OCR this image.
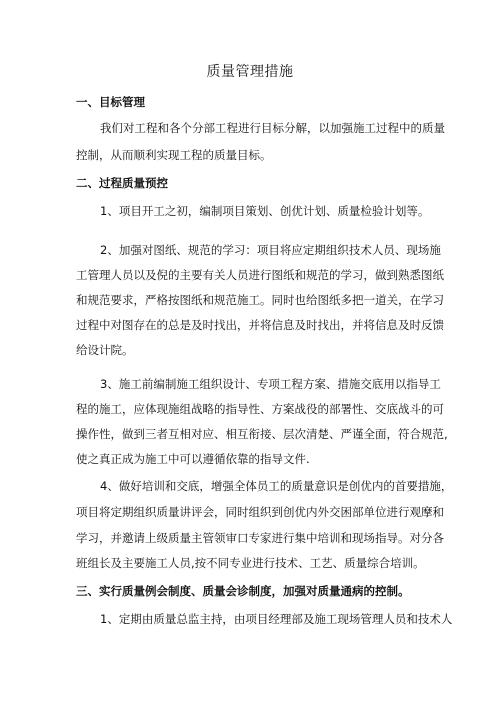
质量管理措施
一、目标管理
我们对工程和各个分部工程进行目标分解，以加强施工过程中的质量
控制，从而顺利实现工程的质量目标。
二、过程质量预控
1、项目开工之初，编制项目策划、创优计划、质量检验计划等。
2、加强对图纸、规范的学习：项目将应定期组织技术人员、现场施
工管理人员以及倪的主要有关人员进行图纸和规范的学习，做到熟悉图纸
和规范要求，严格按图纸和规范施工。同时也给图纸多把一道关，在学习
过程中对图存在的总是及时找出，并将信息及时找出，并将信息及时反馈
给设计院。
3、施工前编制施工组织设计、专项工程方案、措施交底用以指导工
程的施工，应体现施组战略的指导性、方案战役的部署性、交底战斗的可
操作性，做到三者互相对应、相互衔接、层次清楚、严谨全面，符合规范,
使之真正成为施工中可以遵循依靠的指导文件.
4、做好培训和交底，增强全体员工的质量意识是创优内的首要措施，
项目将定期组织质量讲评会，同时组织到创优内外交困部单位进行观摩和
学习，并邀请上级质量主管领审口专家进行集中培训和现场指导。对分各
班组长及主要施工人员,按不同专业进行技术、工艺、质量综合培训。
三、实行质量例会制度、质量会诊制度，加强对质量通病的控制。
1、定期由质量总监主持，由项目经理部及施工现场管理人员和技术人
